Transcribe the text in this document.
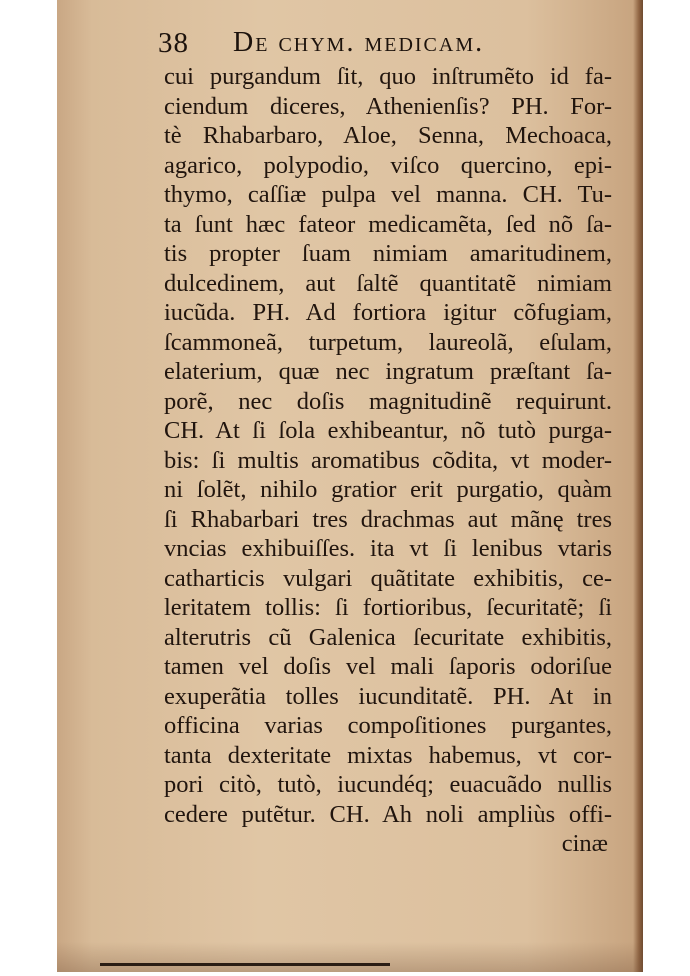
38 De chym. medicam.
cui purgandum ſit, quo inſtrumẽto id fa-
ciendum diceres, Athenienſis? PH. For-
tè Rhabarbaro, Aloe, Senna, Mechoaca,
agarico, polypodio, viſco quercino, epi-
thymo, caſſiæ pulpa vel manna. CH. Tu-
ta ſunt hæc fateor medicamẽta, ſed nõ ſa-
tis propter ſuam nimiam amaritudinem,
dulcedinem, aut ſaltẽ quantitatẽ nimiam
iucũda. PH. Ad fortiora igitur cõfugiam,
ſcammoneã, turpetum, laureolã, eſulam,
elaterium, quæ nec ingratum præſtant ſa-
porẽ, nec doſis magnitudinẽ requirunt.
CH. At ſi ſola exhibeantur, nõ tutò purga-
bis: ſi multis aromatibus cõdita, vt moder-
ni ſolẽt, nihilo gratior erit purgatio, quàm
ſi Rhabarbari tres drachmas aut mãnę tres
vncias exhibuiſſes. ita vt ſi lenibus vtaris
catharticis vulgari quãtitate exhibitis, ce-
leritatem tollis: ſi fortioribus, ſecuritatẽ; ſi
alterutris cũ Galenica ſecuritate exhibitis,
tamen vel doſis vel mali ſaporis odoriſue
exuperãtia tolles iucunditatẽ. PH. At in
officina varias compoſitiones purgantes,
tanta dexteritate mixtas habemus, vt cor-
pori citò, tutò, iucundéq; euacuãdo nullis
cedere putẽtur. CH. Ah noli ampliùs offi-
cinæ
